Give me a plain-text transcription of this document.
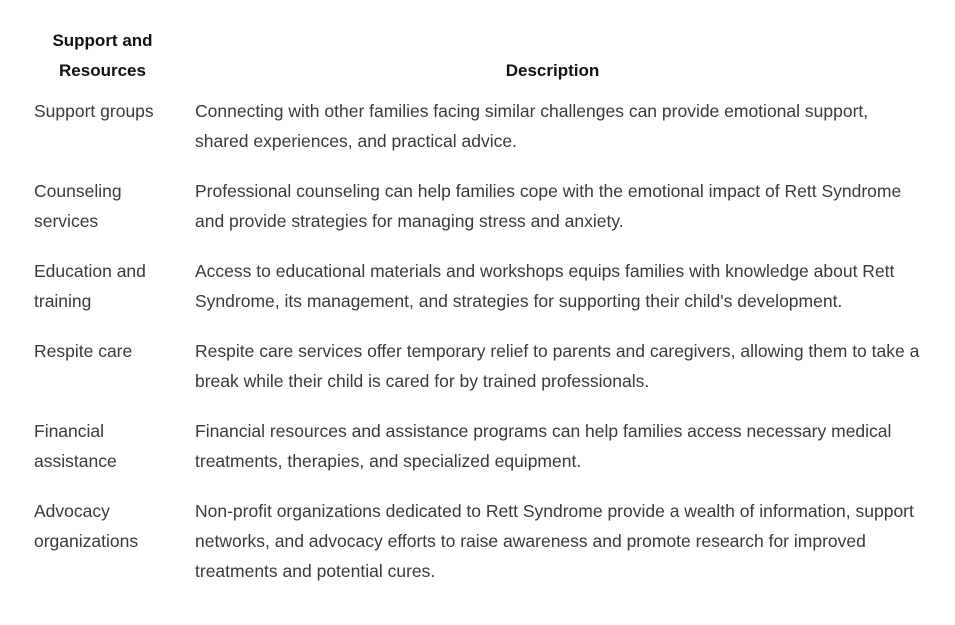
Support and Resources	Description
Support groups	Connecting with other families facing similar challenges can provide emotional support, shared experiences, and practical advice.
Counseling services	Professional counseling can help families cope with the emotional impact of Rett Syndrome and provide strategies for managing stress and anxiety.
Education and training	Access to educational materials and workshops equips families with knowledge about Rett Syndrome, its management, and strategies for supporting their child's development.
Respite care	Respite care services offer temporary relief to parents and caregivers, allowing them to take a break while their child is cared for by trained professionals.
Financial assistance	Financial resources and assistance programs can help families access necessary medical treatments, therapies, and specialized equipment.
Advocacy organizations	Non-profit organizations dedicated to Rett Syndrome provide a wealth of information, support networks, and advocacy efforts to raise awareness and promote research for improved treatments and potential cures.
